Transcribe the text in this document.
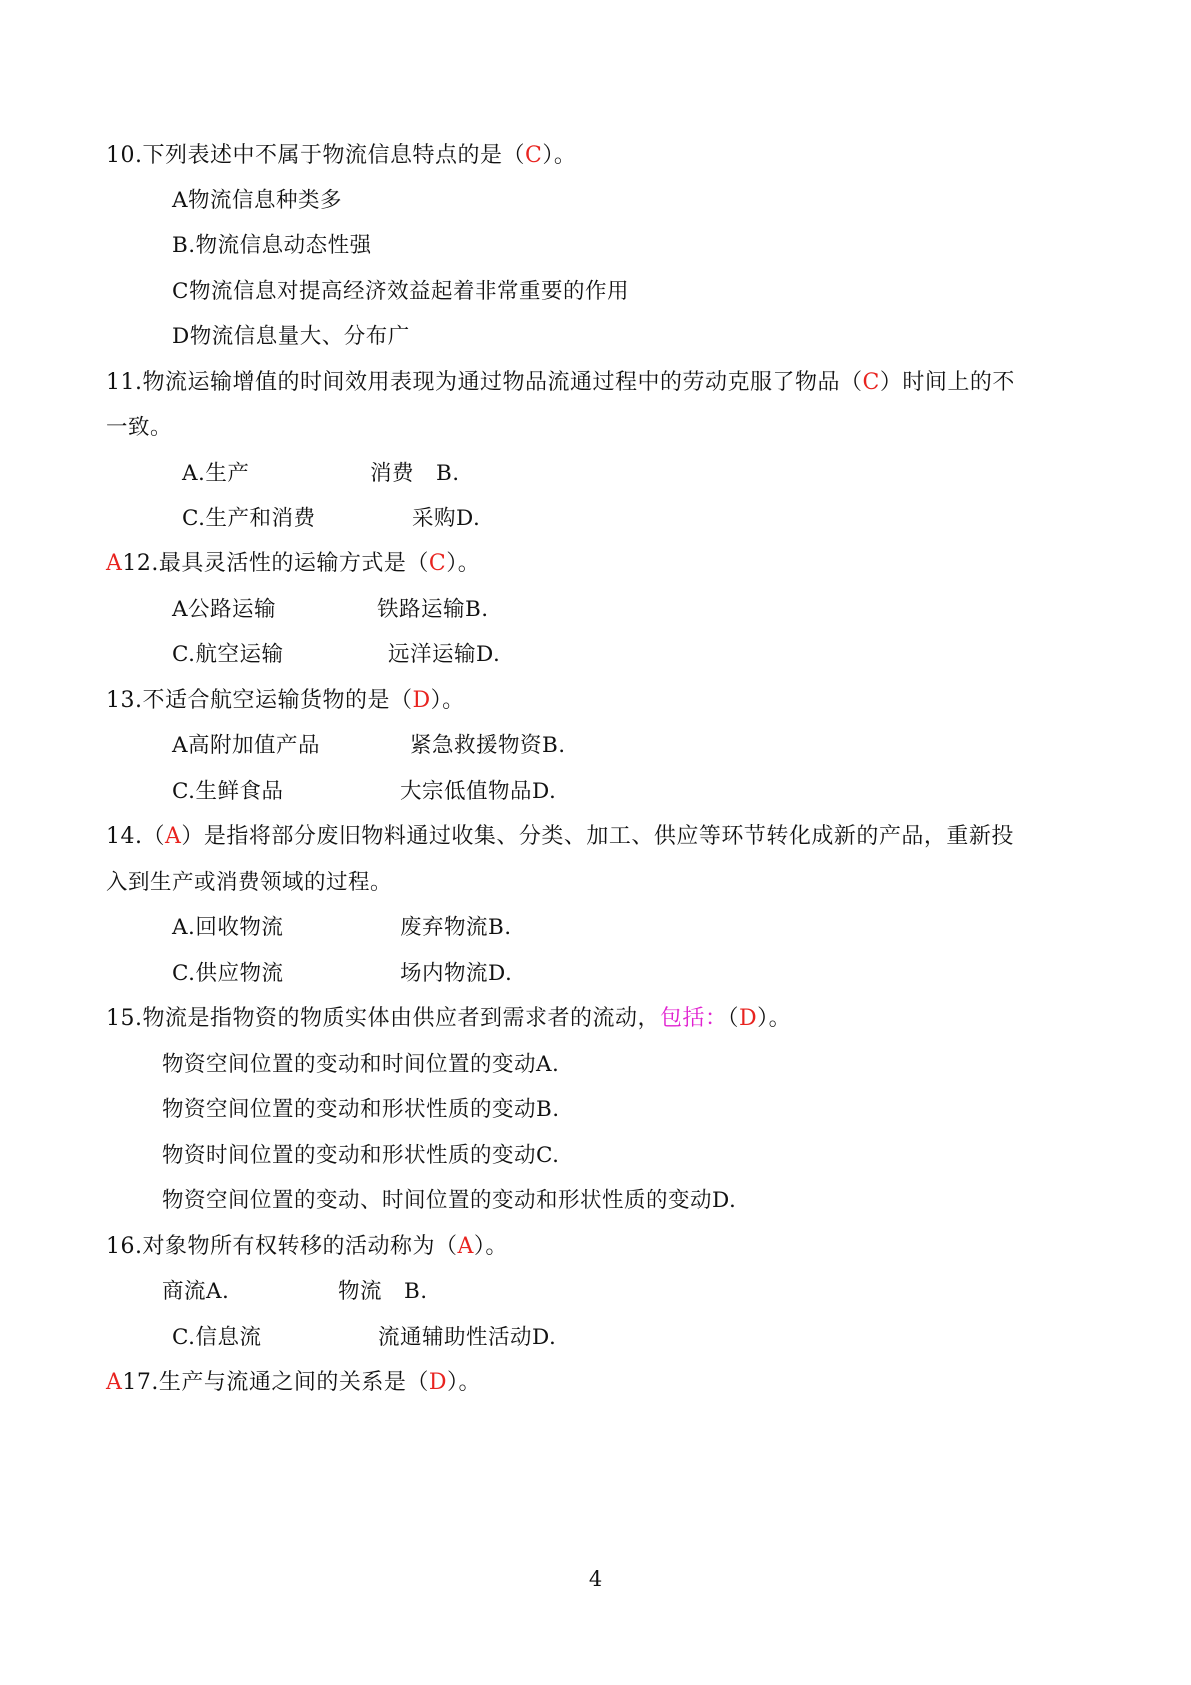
10.下列表述中不属于物流信息特点的是（C）。
A物流信息种类多
B.物流信息动态性强
C物流信息对提高经济效益起着非常重要的作用
D物流信息量大、分布广
11.物流运输增值的时间效用表现为通过物品流通过程中的劳动克服了物品（C）时间上的不
一致。
A.生产	消费　B.
C.生产和消费	采购D.
A12.最具灵活性的运输方式是（C）。
A公路运输	铁路运输B.
C.航空运输	远洋运输D.
13.不适合航空运输货物的是（D）。
A高附加值产品	紧急救援物资B.
C.生鲜食品	大宗低值物品D.
14.（A）是指将部分废旧物料通过收集、分类、加工、供应等环节转化成新的产品，重新投
入到生产或消费领域的过程。
A.回收物流	废弃物流B.
C.供应物流	场内物流D.
15.物流是指物资的物质实体由供应者到需求者的流动，包括：（D）。
物资空间位置的变动和时间位置的变动A.
物资空间位置的变动和形状性质的变动B.
物资时间位置的变动和形状性质的变动C.
物资空间位置的变动、时间位置的变动和形状性质的变动D.
16.对象物所有权转移的活动称为（A）。
商流A.	物流　B.
C.信息流	流通辅助性活动D.
A17.生产与流通之间的关系是（D）。
4
